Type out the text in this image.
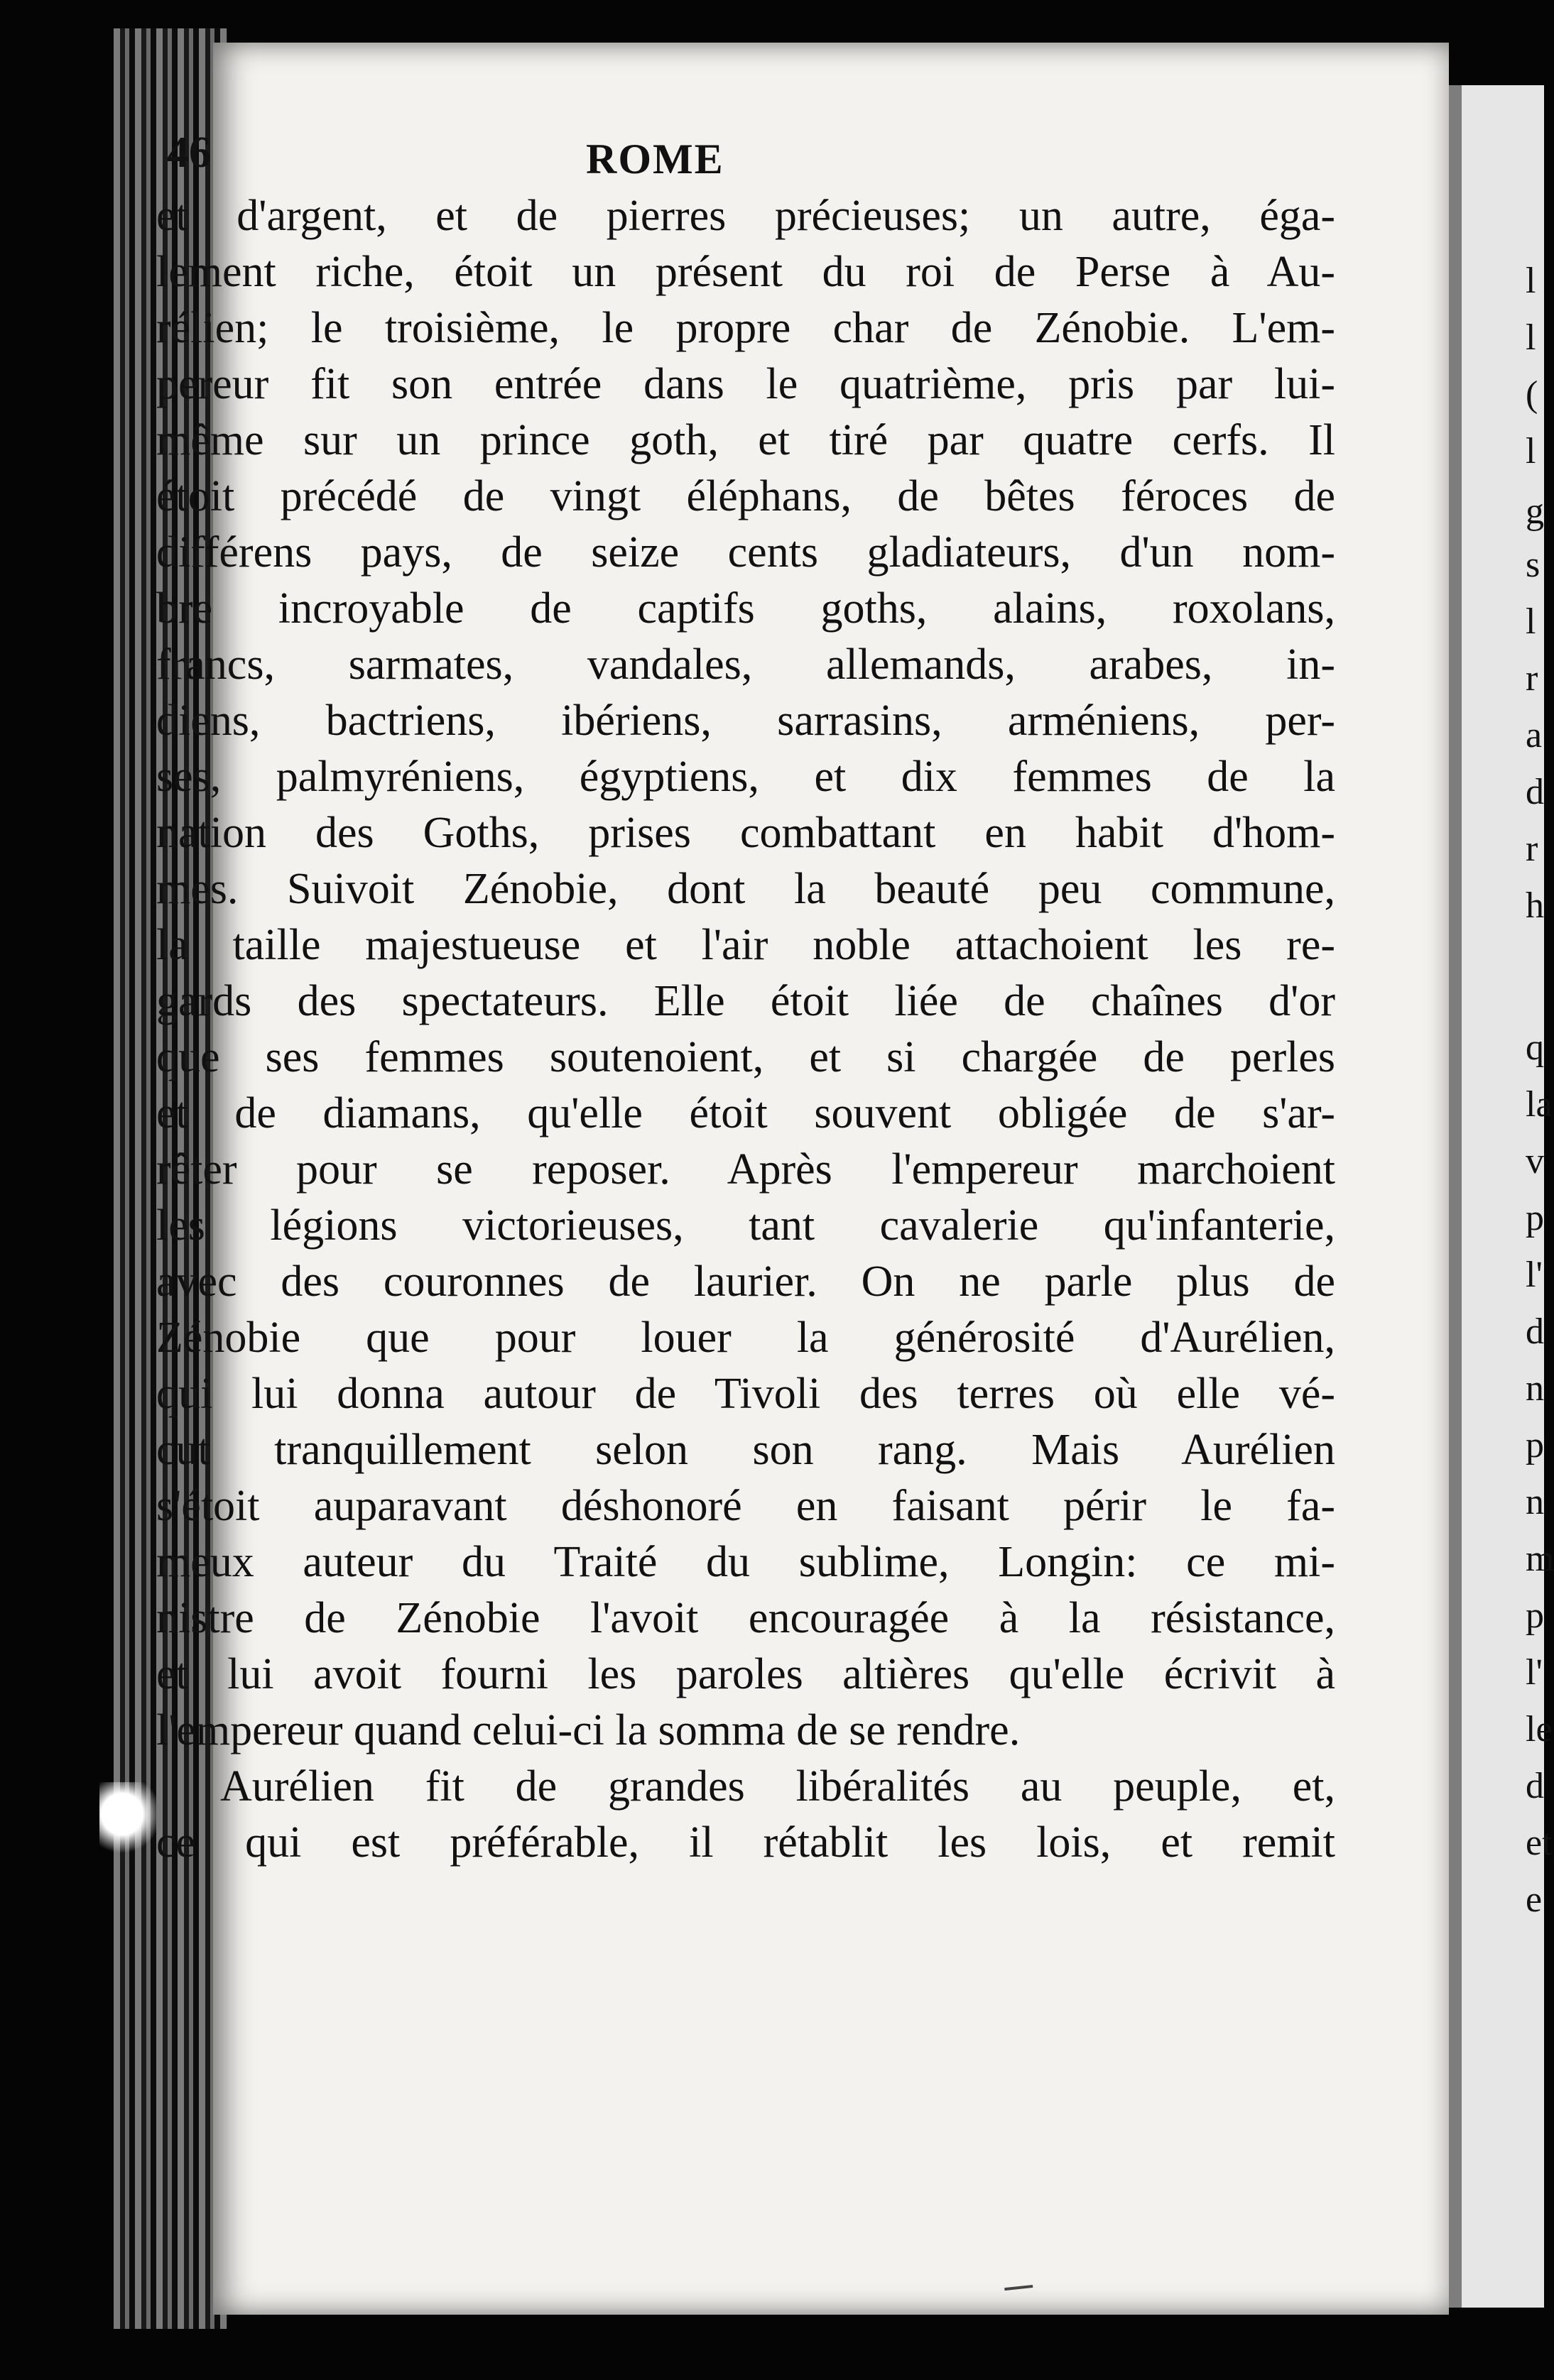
l
l
(
l
g
s
l
r
a
d
r
h
q
la
v
p
l'
d
n
p
n
m
p
l'
le
d
et
e
46	ROME
et d'argent, et de pierres précieuses; un autre, éga-
lement riche, étoit un présent du roi de Perse à Au-
rélien; le troisième, le propre char de Zénobie. L'em-
pereur fit son entrée dans le quatrième, pris par lui-
même sur un prince goth, et tiré par quatre cerfs. Il
étoit précédé de vingt éléphans, de bêtes féroces de
différens pays, de seize cents gladiateurs, d'un nom-
bre incroyable de captifs goths, alains, roxolans,
francs, sarmates, vandales, allemands, arabes, in-
diens, bactriens, ibériens, sarrasins, arméniens, per-
ses, palmyréniens, égyptiens, et dix femmes de la
nation des Goths, prises combattant en habit d'hom-
mes. Suivoit Zénobie, dont la beauté peu commune,
la taille majestueuse et l'air noble attachoient les re-
gards des spectateurs. Elle étoit liée de chaînes d'or
que ses femmes soutenoient, et si chargée de perles
et de diamans, qu'elle étoit souvent obligée de s'ar-
rêter pour se reposer. Après l'empereur marchoient
les légions victorieuses, tant cavalerie qu'infanterie,
avec des couronnes de laurier. On ne parle plus de
Zénobie que pour louer la générosité d'Aurélien,
qui lui donna autour de Tivoli des terres où elle vé-
cut tranquillement selon son rang. Mais Aurélien
s'étoit auparavant déshonoré en faisant périr le fa-
meux auteur du Traité du sublime, Longin: ce mi-
nistre de Zénobie l'avoit encouragée à la résistance,
et lui avoit fourni les paroles altières qu'elle écrivit à
l'empereur quand celui-ci la somma de se rendre.
Aurélien fit de grandes libéralités au peuple, et,
ce qui est préférable, il rétablit les lois, et remit
